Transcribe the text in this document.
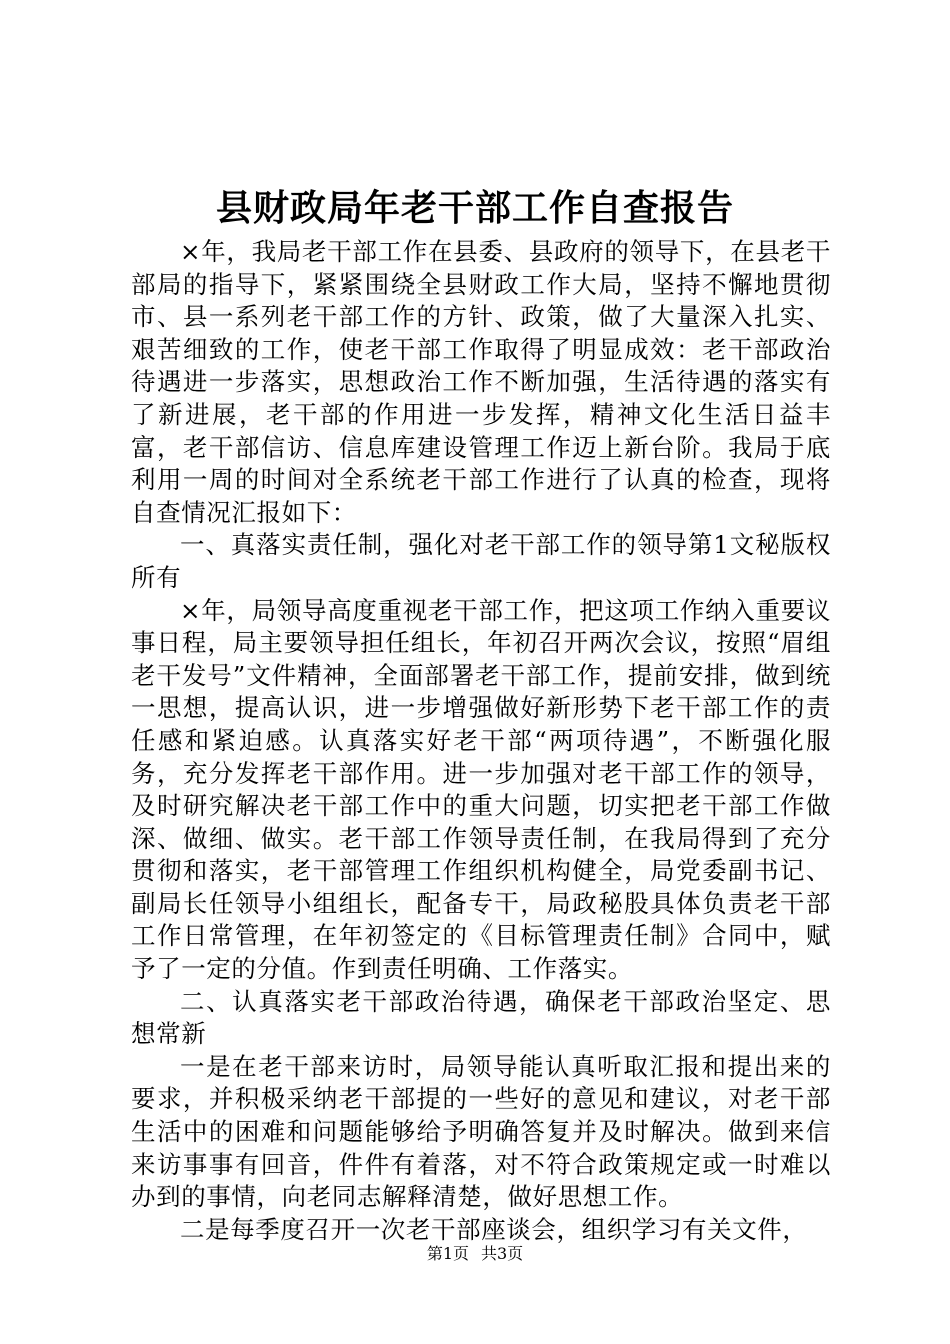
县财政局年老干部工作自查报告

×年，我局老干部工作在县委、县政府的领导下，在县老干部局的指导下，紧紧围绕全县财政工作大局，坚持不懈地贯彻市、县一系列老干部工作的方针、政策，做了大量深入扎实、艰苦细致的工作，使老干部工作取得了明显成效：老干部政治待遇进一步落实，思想政治工作不断加强，生活待遇的落实有了新进展，老干部的作用进一步发挥，精神文化生活日益丰富，老干部信访、信息库建设管理工作迈上新台阶。我局于底利用一周的时间对全系统老干部工作进行了认真的检查，现将自查情况汇报如下：

一、真落实责任制，强化对老干部工作的领导第1文秘版权所有

×年，局领导高度重视老干部工作，把这项工作纳入重要议事日程，局主要领导担任组长，年初召开两次会议，按照“眉组老干发号”文件精神，全面部署老干部工作，提前安排，做到统一思想，提高认识，进一步增强做好新形势下老干部工作的责任感和紧迫感。认真落实好老干部“两项待遇”，不断强化服务，充分发挥老干部作用。进一步加强对老干部工作的领导，及时研究解决老干部工作中的重大问题，切实把老干部工作做深、做细、做实。老干部工作领导责任制，在我局得到了充分贯彻和落实，老干部管理工作组织机构健全，局党委副书记、副局长任领导小组组长，配备专干，局政秘股具体负责老干部工作日常管理，在年初签定的《目标管理责任制》合同中，赋予了一定的分值。作到责任明确、工作落实。

二、认真落实老干部政治待遇，确保老干部政治坚定、思想常新

一是在老干部来访时，局领导能认真听取汇报和提出来的要求，并积极采纳老干部提的一些好的意见和建议，对老干部生活中的困难和问题能够给予明确答复并及时解决。做到来信来访事事有回音，件件有着落，对不符合政策规定或一时难以办到的事情，向老同志解释清楚，做好思想工作。

二是每季度召开一次老干部座谈会，组织学习有关文件，

第1页 共3页
